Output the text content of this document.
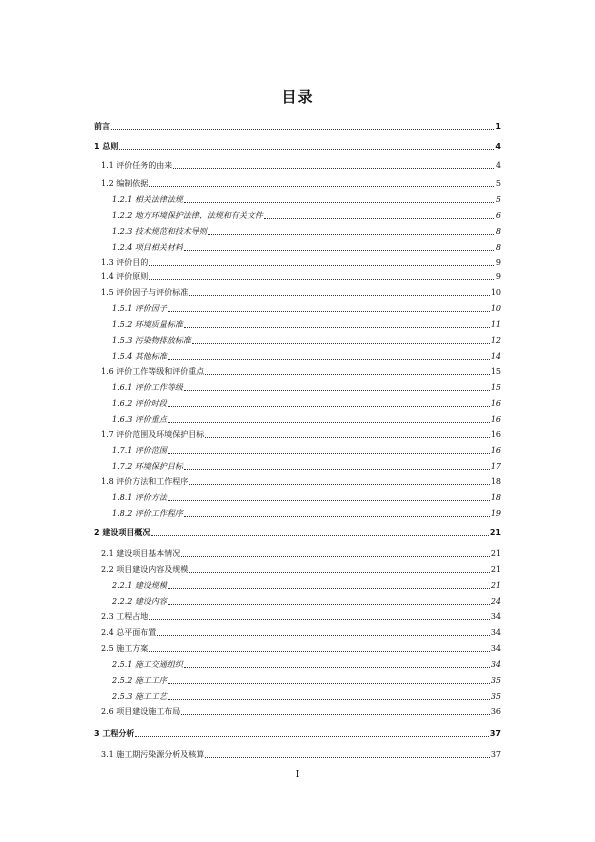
目录
前言	1
1 总则	4
1.1 评价任务的由来	4
1.2 编制依据	5
1.2.1 相关法律法规	5
1.2.2 地方环境保护法律、法规和有关文件	6
1.2.3 技术规范和技术导则	8
1.2.4 项目相关材料	8
1.3 评价目的	9
1.4 评价原则	9
1.5 评价因子与评价标准	10
1.5.1 评价因子	10
1.5.2 环境质量标准	11
1.5.3 污染物排放标准	12
1.5.4 其他标准	14
1.6 评价工作等级和评价重点	15
1.6.1 评价工作等级	15
1.6.2 评价时段	16
1.6.3 评价重点	16
1.7 评价范围及环境保护目标	16
1.7.1 评价范围	16
1.7.2 环境保护目标	17
1.8 评价方法和工作程序	18
1.8.1 评价方法	18
1.8.2 评价工作程序	19
2 建设项目概况	21
2.1 建设项目基本情况	21
2.2 项目建设内容及规模	21
2.2.1 建设规模	21
2.2.2 建设内容	24
2.3 工程占地	34
2.4 总平面布置	34
2.5 施工方案	34
2.5.1 施工交通组织	34
2.5.2 施工工序	35
2.5.3 施工工艺	35
2.6 项目建设施工布局	36
3 工程分析	37
3.1 施工期污染源分析及核算	37
I
